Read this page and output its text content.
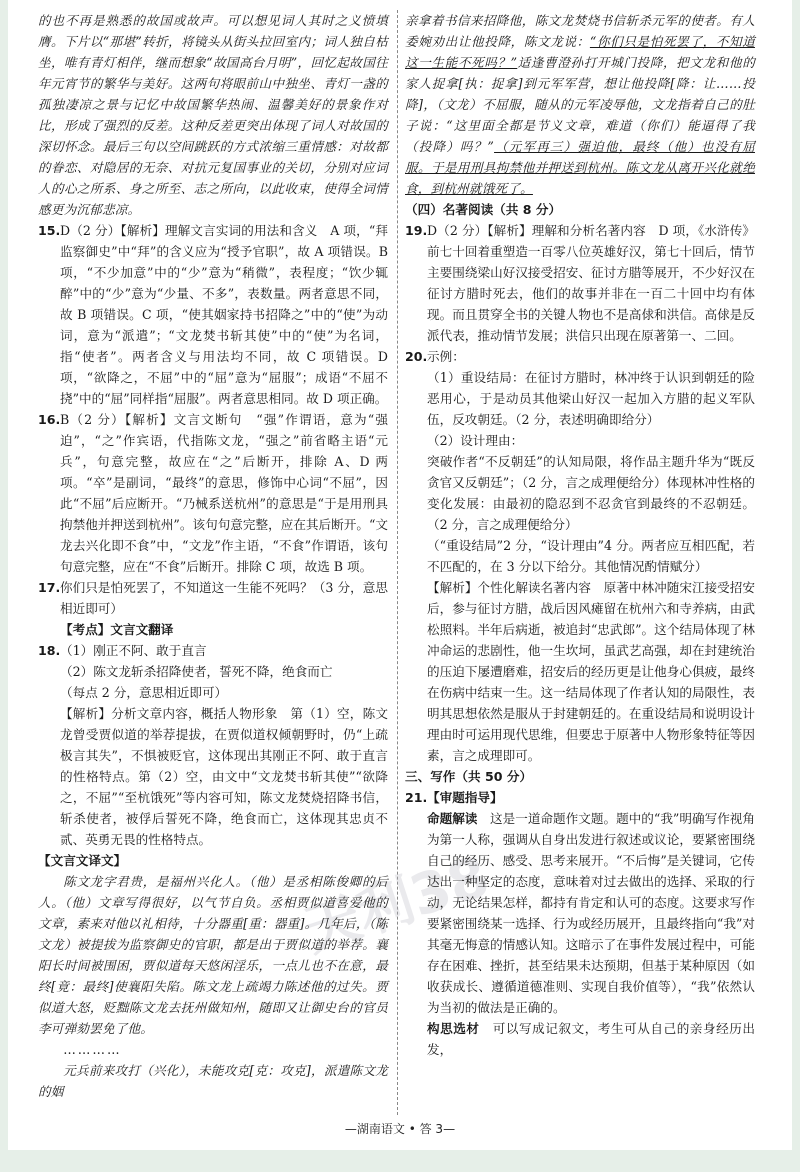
天利38

的也不再是熟悉的故国或故声。可以想见词人其时之义愤填膺。下片以“那堪”转折，将镜头从街头拉回室内；词人独自枯坐，唯有青灯相伴，继而想象“故国高台月明”，回忆起故国往年元宵节的繁华与美好。这两句将眼前山中独坐、青灯一盏的孤独凄凉之景与记忆中故国繁华热闹、温馨美好的景象作对比，形成了强烈的反差。这种反差更突出体现了词人对故国的深切怀念。最后三句以空间跳跃的方式浓缩三重情感：对故都的眷恋、对隐居的无奈、对抗元复国事业的关切，分别对应词人的心之所系、身之所至、志之所向，以此收束，使得全词情感更为沉郁悲凉。

15. D（2 分）【解析】理解文言实词的用法和含义　A 项，“拜监察御史”中“拜”的含义应为“授予官职”，故 A 项错误。B 项，“不少加意”中的“少”意为“稍微”，表程度；“饮少辄醉”中的“少”意为“少量、不多”，表数量。两者意思不同，故 B 项错误。C 项，“使其姻家持书招降之”中的“使”为动词，意为“派遣”；“文龙焚书斩其使”中的“使”为名词，指“使者”。两者含义与用法均不同，故 C 项错误。D 项，“欲降之，不屈”中的“屈”意为“屈服”；成语“不屈不挠”中的“屈”同样指“屈服”。两者意思相同。故 D 项正确。

16. B（2 分）【解析】文言文断句　“强”作谓语，意为“强迫”，“之”作宾语，代指陈文龙，“强之”前省略主语“元兵”，句意完整，故应在“之”后断开，排除 A、D 两项。“卒”是副词，“最终”的意思，修饰中心词“不屈”，因此“不屈”后应断开。“乃械系送杭州”的意思是“于是用刑具拘禁他并押送到杭州”。该句句意完整，应在其后断开。“文龙去兴化即不食”中，“文龙”作主语，“不食”作谓语，该句句意完整，应在“不食”后断开。排除 C 项，故选 B 项。

17. 你们只是怕死罢了，不知道这一生能不死吗？（3 分，意思相近即可）

【考点】文言文翻译

18. （1）刚正不阿、敢于直言

（2）陈文龙斩杀招降使者，誓死不降，绝食而亡

（每点 2 分，意思相近即可）

【解析】分析文章内容，概括人物形象　第（1）空，陈文龙曾受贾似道的举荐提拔，在贾似道权倾朝野时，仍“上疏极言其失”，不惧被贬官，这体现出其刚正不阿、敢于直言的性格特点。第（2）空，由文中“文龙焚书斩其使”“欲降之，不屈”“至杭饿死”等内容可知，陈文龙焚烧招降书信，斩杀使者，被俘后誓死不降，绝食而亡，这体现其忠贞不贰、英勇无畏的性格特点。

【文言文译文】

陈文龙字君贵，是福州兴化人。（他）是丞相陈俊卿的后人。（他）文章写得很好，以气节自负。丞相贾似道喜爱他的文章，素来对他以礼相待，十分器重[重：器重]。几年后，（陈文龙）被提拔为监察御史的官职，都是出于贾似道的举荐。襄阳长时间被围困，贾似道每天悠闲淫乐，一点儿也不在意，最终[竟：最终]使襄阳失陷。陈文龙上疏竭力陈述他的过失。贾似道大怒，贬黜陈文龙去抚州做知州，随即又让御史台的官员李可弹劾罢免了他。

…………

元兵前来攻打（兴化），未能攻克[克：攻克]，派遣陈文龙的姻

亲拿着书信来招降他，陈文龙焚烧书信斩杀元军的使者。有人委婉劝出让他投降，陈文龙说：“你们只是怕死罢了，不知道这一生能不死吗？”适逢曹澄孙打开城门投降，把文龙和他的家人捉拿[执：捉拿]到元军军营，想让他投降[降：让……投降]，（文龙）不屈服，随从的元军凌辱他，文龙指着自己的肚子说：“这里面全都是节义文章，难道（你们）能逼得了我（投降）吗？”（元军再三）强迫他，最终（他）也没有屈服。于是用刑具拘禁他并押送到杭州。陈文龙从离开兴化就绝食，到杭州就饿死了。

（四）名著阅读（共 8 分）

19. D（2 分）【解析】理解和分析名著内容　D 项，《水浒传》前七十回着重塑造一百零八位英雄好汉，第七十回后，情节主要围绕梁山好汉接受招安、征讨方腊等展开，不少好汉在征讨方腊时死去，他们的故事并非在一百二十回中均有体现。而且贯穿全书的关键人物也不是高俅和洪信。高俅是反派代表，推动情节发展；洪信只出现在原著第一、二回。

20. 示例：

（1）重设结局：在征讨方腊时，林冲终于认识到朝廷的险恶用心，于是动员其他梁山好汉一起加入方腊的起义军队伍，反攻朝廷。（2 分，表述明确即给分）

（2）设计理由：

突破作者“不反朝廷”的认知局限，将作品主题升华为“既反贪官又反朝廷”；（2 分，言之成理便给分）体现林冲性格的变化发展：由最初的隐忍到不忍贪官到最终的不忍朝廷。（2 分，言之成理便给分）

（“重设结局”2 分，“设计理由”4 分。两者应互相匹配，若不匹配的，在 3 分以下给分。其他情况酌情赋分）

【解析】个性化解读名著内容　原著中林冲随宋江接受招安后，参与征讨方腊，战后因风瘫留在杭州六和寺养病，由武松照料。半年后病逝，被追封“忠武郎”。这个结局体现了林冲命运的悲剧性，他一生坎坷，虽武艺高强，却在封建统治的压迫下屡遭磨难，招安后的经历更是让他身心俱疲，最终在伤病中结束一生。这一结局体现了作者认知的局限性，表明其思想依然是服从于封建朝廷的。在重设结局和说明设计理由时可运用现代思维，但要忠于原著中人物形象特征等因素，言之成理即可。

三、写作（共 50 分）

21. 【审题指导】

命题解读　 这是一道命题作文题。题中的“我”明确写作视角为第一人称，强调从自身出发进行叙述或议论，要紧密围绕自己的经历、感受、思考来展开。“不后悔”是关键词，它传达出一种坚定的态度，意味着对过去做出的选择、采取的行动，无论结果怎样，都持有肯定和认可的态度。这要求写作要紧密围绕某一选择、行为或经历展开，且最终指向“我”对其毫无悔意的情感认知。这暗示了在事件发展过程中，可能存在困难、挫折，甚至结果未达预期，但基于某种原因（如收获成长、遵循道德准则、实现自我价值等），“我”依然认为当初的做法是正确的。

构思选材　 可以写成记叙文，考生可从自己的亲身经历出发，

—湖南语文 • 答 3—
